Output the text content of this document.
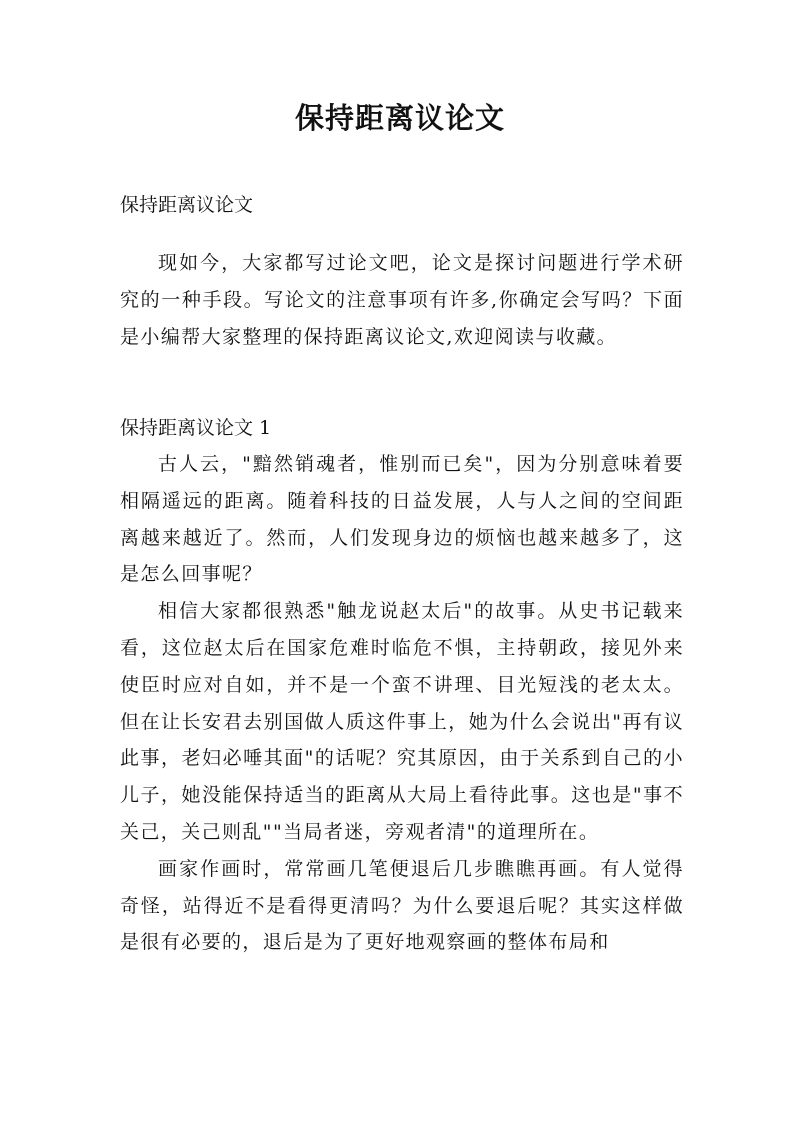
保持距离议论文
保持距离议论文

现如今，大家都写过论文吧，论文是探讨问题进行学术研究的一种手段。写论文的注意事项有许多,你确定会写吗？下面是小编帮大家整理的保持距离议论文,欢迎阅读与收藏。

保持距离议论文 1

古人云，"黯然销魂者，惟别而已矣"，因为分别意味着要相隔遥远的距离。随着科技的日益发展，人与人之间的空间距离越来越近了。然而，人们发现身边的烦恼也越来越多了，这是怎么回事呢？

相信大家都很熟悉"触龙说赵太后"的故事。从史书记载来看，这位赵太后在国家危难时临危不惧，主持朝政，接见外来使臣时应对自如，并不是一个蛮不讲理、目光短浅的老太太。但在让长安君去别国做人质这件事上，她为什么会说出"再有议此事，老妇必唾其面"的话呢？究其原因，由于关系到自己的小儿子，她没能保持适当的距离从大局上看待此事。这也是"事不关己，关己则乱""当局者迷，旁观者清"的道理所在。

画家作画时，常常画几笔便退后几步瞧瞧再画。有人觉得奇怪，站得近不是看得更清吗？为什么要退后呢？其实这样做是很有必要的，退后是为了更好地观察画的整体布局和
